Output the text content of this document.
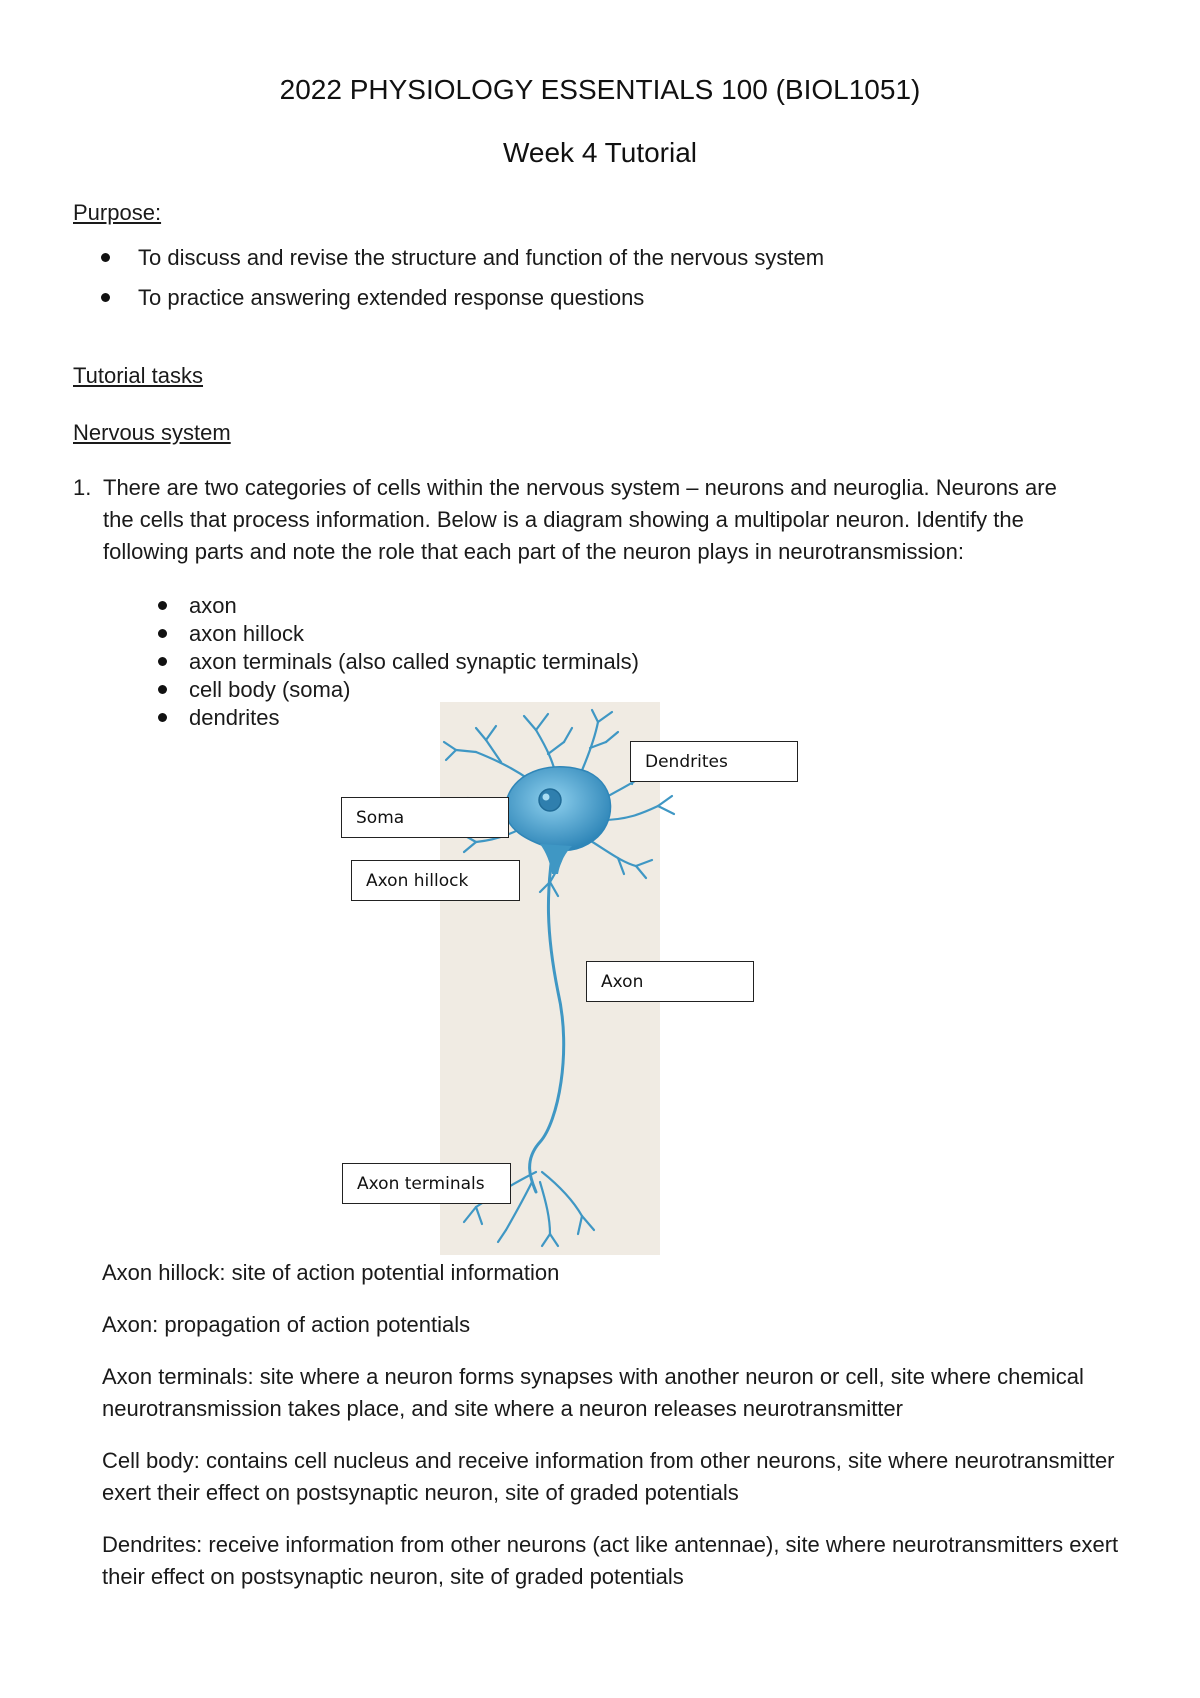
2022 PHYSIOLOGY ESSENTIALS 100 (BIOL1051)
Week 4 Tutorial
Purpose:
To discuss and revise the structure and function of the nervous system
To practice answering extended response questions
Tutorial tasks
Nervous system
1. There are two categories of cells within the nervous system – neurons and neuroglia. Neurons are
the cells that process information. Below is a diagram showing a multipolar neuron. Identify the
following parts and note the role that each part of the neuron plays in neurotransmission:
axon
axon hillock
axon terminals (also called synaptic terminals)
cell body (soma)
dendrites
Dendrites
Soma
Axon hillock
Axon
Axon terminals

Axon hillock: site of action potential information

Axon: propagation of action potentials

Axon terminals: site where a neuron forms synapses with another neuron or cell, site where chemical neurotransmission takes place, and site where a neuron releases neurotransmitter

Cell body: contains cell nucleus and receive information from other neurons, site where neurotransmitter exert their effect on postsynaptic neuron, site of graded potentials

Dendrites: receive information from other neurons (act like antennae), site where neurotransmitters exert their effect on postsynaptic neuron, site of graded potentials
